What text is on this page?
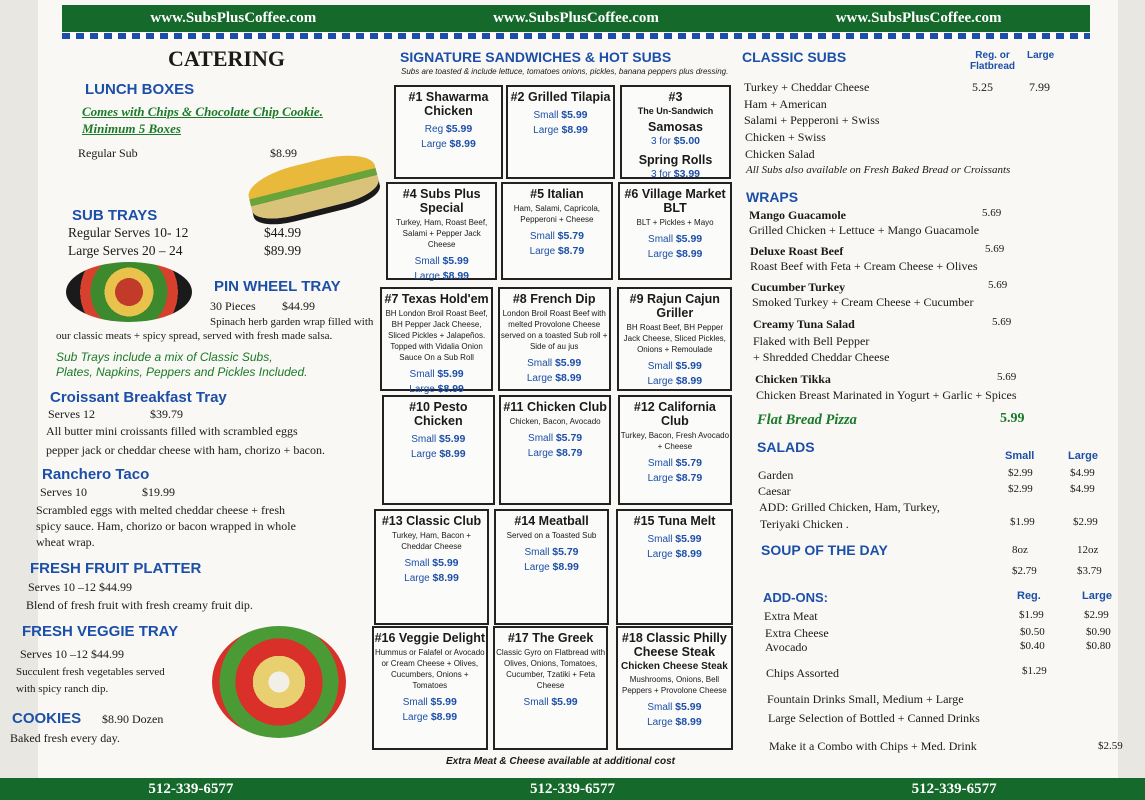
www.SubsPlusCoffee.com	www.SubsPlusCoffee.com	www.SubsPlusCoffee.com
CATERING
LUNCH BOXES
Comes with Chips & Chocolate Chip Cookie.
Minimum 5 Boxes
Regular Sub	$8.99
SUB TRAYS
Regular Serves 10- 12	$44.99
Large Serves 20 – 24	$89.99
PIN WHEEL TRAY
30 Pieces $44.99
Spinach herb garden wrap filled with
our classic meats + spicy spread, served with fresh made salsa.
Sub Trays include a mix of Classic Subs,
Plates, Napkins, Peppers and Pickles Included.
Croissant Breakfast Tray
Serves 12	$39.79
All butter mini croissants filled with scrambled eggs
pepper jack or cheddar cheese with ham, chorizo + bacon.
Ranchero Taco
Serves 10	$19.99
Scrambled eggs with melted cheddar cheese + fresh
spicy sauce. Ham, chorizo or bacon wrapped in whole
wheat wrap.
FRESH FRUIT PLATTER
Serves 10 –12 $44.99
Blend of fresh fruit with fresh creamy fruit dip.
FRESH VEGGIE TRAY
Serves 10 –12 $44.99
Succulent fresh vegetables served
with spicy ranch dip.
COOKIES $8.90 Dozen
Baked fresh every day.
SIGNATURE SANDWICHES & HOT SUBS
Subs are toasted & include lettuce, tomatoes onions, pickles, banana peppers plus dressing.
#1 Shawarma Chicken
Reg $5.99
Large $8.99
#2 Grilled Tilapia
Small $5.99
Large $8.99
#3
The Un-Sandwich
Samosas
3 for $5.00
Spring Rolls
3 for $3.99
#4 Subs Plus Special
Turkey, Ham, Roast Beef, Salami + Pepper Jack Cheese
Small $5.99
Large $8.99
#5 Italian
Ham, Salami, Capricola, Pepperoni + Cheese
Small $5.79
Large $8.79
#6 Village Market BLT
BLT + Pickles + Mayo
Small $5.99
Large $8.99
#7 Texas Hold'em
BH London Broil Roast Beef, BH Pepper Jack Cheese, Sliced Pickles + Jalapeños. Topped with Vidalia Onion Sauce On a Sub Roll
Small $5.99
Large $8.99
#8 French Dip
London Broil Roast Beef with melted Provolone Cheese served on a toasted Sub roll + Side of au jus
Small $5.99
Large $8.99
#9 Rajun Cajun Griller
BH Roast Beef, BH Pepper Jack Cheese, Sliced Pickles, Onions + Remoulade
Small $5.99
Large $8.99
#10 Pesto Chicken
Small $5.99
Large $8.99
#11 Chicken Club
Chicken, Bacon, Avocado
Small $5.79
Large $8.79
#12 California Club
Turkey, Bacon, Fresh Avocado + Cheese
Small $5.79
Large $8.79
#13 Classic Club
Turkey, Ham, Bacon + Cheddar Cheese
Small $5.99
Large $8.99
#14 Meatball
Served on a Toasted Sub
Small $5.79
Large $8.99
#15 Tuna Melt
Small $5.99
Large $8.99
#16 Veggie Delight
Hummus or Falafel or Avocado or Cream Cheese + Olives, Cucumbers, Onions + Tomatoes
Small $5.99
Large $8.99
#17 The Greek
Classic Gyro on Flatbread with Olives, Onions, Tomatoes, Cucumber, Tzatiki + Feta Cheese
Small $5.99
#18 Classic Philly Cheese Steak
Chicken Cheese Steak
Mushrooms, Onions, Bell Peppers + Provolone Cheese
Small $5.99
Large $8.99
Extra Meat & Cheese available at additional cost
CLASSIC SUBS	Reg. or
Flatbread
Large
Turkey + Cheddar Cheese	5.25	7.99
Ham + American
Salami + Pepperoni + Swiss
Chicken + Swiss
Chicken Salad
All Subs also available on Fresh Baked Bread or Croissants
WRAPS
Mango Guacamole	5.69
Grilled Chicken + Lettuce + Mango Guacamole
Deluxe Roast Beef	5.69
Roast Beef with Feta + Cream Cheese + Olives
Cucumber Turkey	5.69
Smoked Turkey + Cream Cheese + Cucumber
Creamy Tuna Salad	5.69
Flaked with Bell Pepper
+ Shredded Cheddar Cheese
Chicken Tikka	5.69
Chicken Breast Marinated in Yogurt + Garlic + Spices
Flat Bread Pizza	5.99
SALADS
Small	Large
Garden	$2.99	$4.99
Caesar	$2.99	$4.99
ADD: Grilled Chicken, Ham, Turkey,
Teriyaki Chicken .	$1.99	$2.99
SOUP OF THE DAY	8oz	12oz
$2.79	$3.79
ADD-ONS:	Reg.	Large
Extra Meat	$1.99	$2.99
Extra Cheese	$0.50	$0.90
Avocado	$0.40	$0.80
Chips Assorted	$1.29
Fountain Drinks Small, Medium + Large
Large Selection of Bottled + Canned Drinks
Make it a Combo with Chips + Med. Drink	$2.59
512-339-6577	512-339-6577	512-339-6577
